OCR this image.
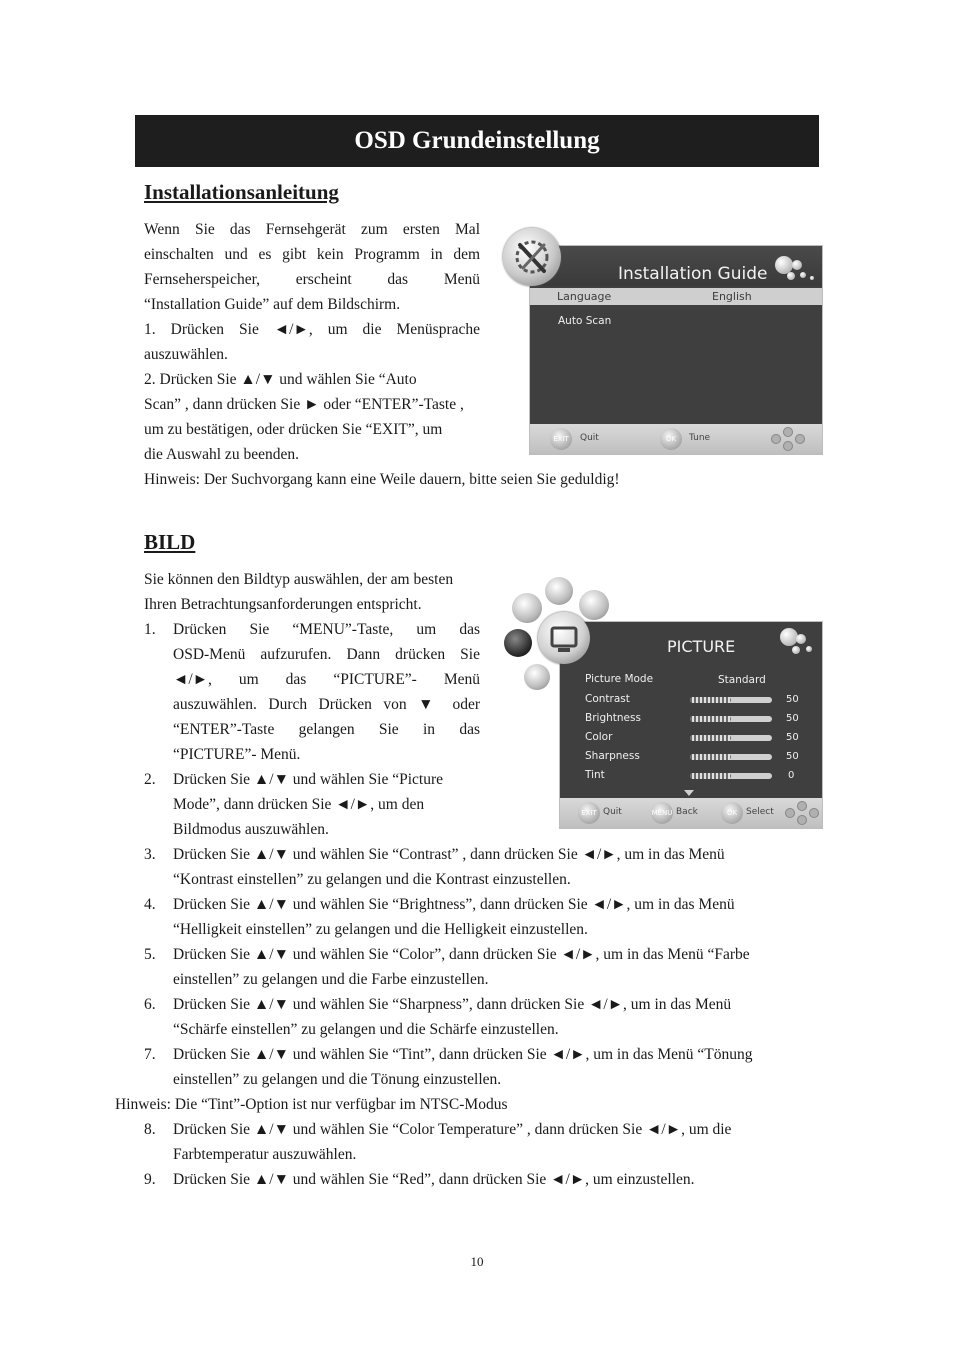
OSD Grundeinstellung
Installationsanleitung
Wenn Sie das Fernsehgerät zum ersten Mal
einschalten und es gibt kein Programm in dem
Fernseherspeicher, erscheint das Menü
“Installation Guide” auf dem Bildschirm.
1. Drücken Sie ◄/►, um die Menüsprache
auszuwählen.
2. Drücken Sie ▲/▼ und wählen Sie “Auto
Scan” , dann drücken Sie ► oder “ENTER”-Taste ,
um zu bestätigen, oder drücken Sie “EXIT”, um
die Auswahl zu beenden.
Hinweis: Der Suchvorgang kann eine Weile dauern, bitte seien Sie geduldig!
Installation Guide
Language	English
Auto Scan
EXIT	Quit	OK	Tune
BILD
Sie können den Bildtyp auswählen, der am besten
Ihren Betrachtungsanforderungen entspricht.
1. Drücken Sie “MENU”-Taste, um das
OSD-Menü aufzurufen. Dann drücken Sie
◄/►, um das “PICTURE”- Menü
auszuwählen. Durch Drücken von ▼ oder
“ENTER”-Taste gelangen Sie in das
“PICTURE”- Menü.
2. Drücken Sie ▲/▼ und wählen Sie “Picture
Mode”, dann drücken Sie ◄/►, um den
Bildmodus auszuwählen.
3. Drücken Sie ▲/▼ und wählen Sie “Contrast” , dann drücken Sie ◄/►, um in das Menü
“Kontrast einstellen” zu gelangen und die Kontrast einzustellen.
4. Drücken Sie ▲/▼ und wählen Sie “Brightness”, dann drücken Sie ◄/►, um in das Menü
“Helligkeit einstellen” zu gelangen und die Helligkeit einzustellen.
5. Drücken Sie ▲/▼ und wählen Sie “Color”, dann drücken Sie ◄/►, um in das Menü “Farbe
einstellen” zu gelangen und die Farbe einzustellen.
6. Drücken Sie ▲/▼ und wählen Sie “Sharpness”, dann drücken Sie ◄/►, um in das Menü
“Schärfe einstellen” zu gelangen und die Schärfe einzustellen.
7. Drücken Sie ▲/▼ und wählen Sie “Tint”, dann drücken Sie ◄/►, um in das Menü “Tönung
einstellen” zu gelangen und die Tönung einzustellen.
Hinweis: Die “Tint”-Option ist nur verfügbar im NTSC-Modus
8. Drücken Sie ▲/▼ und wählen Sie “Color Temperature” , dann drücken Sie ◄/►, um die
Farbtemperatur auszuwählen.
9. Drücken Sie ▲/▼ und wählen Sie “Red”, dann drücken Sie ◄/►, um einzustellen.
PICTURE
Picture Mode	Standard
Contrast	50
Brightness	50
Color	50
Sharpness	50
Tint	0
EXIT Quit	MENU Back	OK Select
10
